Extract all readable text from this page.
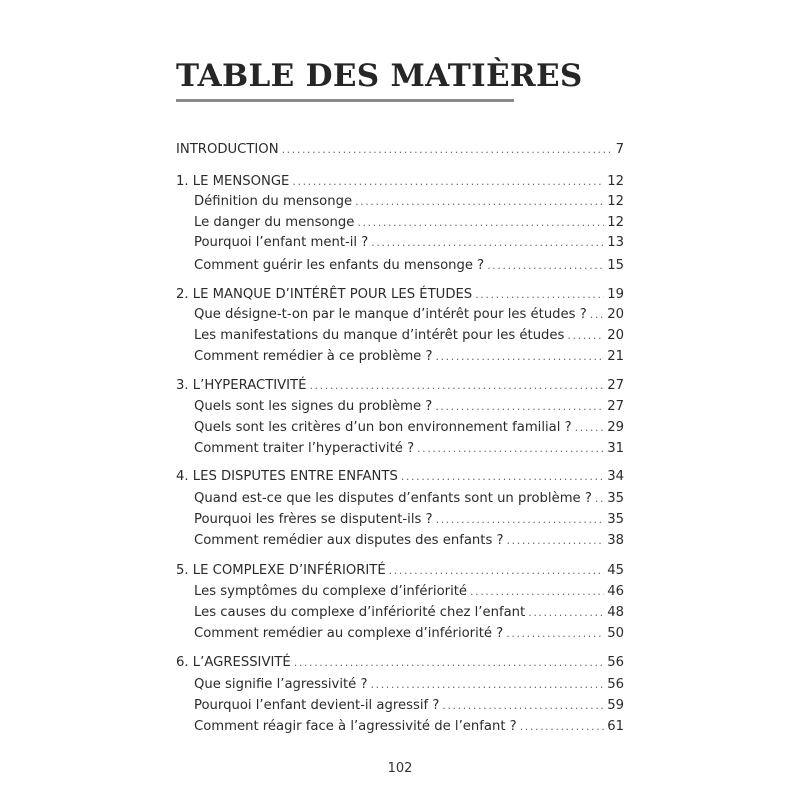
TABLE DES MATIÈRES
INTRODUCTION .....	7
1. LE MENSONGE .....	12
Définition du mensonge .....	12
Le danger du mensonge .....	12
Pourquoi l’enfant ment-il ? .....	13
Comment guérir les enfants du mensonge ? .....	15
2. LE MANQUE D’INTÉRÊT POUR LES ÉTUDES .....	19
Que désigne-t-on par le manque d’intérêt pour les études ? ..... 20
Les manifestations du manque d’intérêt pour les études .....	20
Comment remédier à ce problème ? .....	21
3. L’HYPERACTIVITÉ .....	27
Quels sont les signes du problème ? .....	27
Quels sont les critères d’un bon environnement familial ? .....	29
Comment traiter l’hyperactivité ? .....	31
4. LES DISPUTES ENTRE ENFANTS .....	34
Quand est-ce que les disputes d’enfants sont un problème ? ..... 35
Pourquoi les frères se disputent-ils ? .....	35
Comment remédier aux disputes des enfants ? .....	38
5. LE COMPLEXE D’INFÉRIORITÉ .....	45
Les symptômes du complexe d’infériorité .....	46
Les causes du complexe d’infériorité chez l’enfant .....	48
Comment remédier au complexe d’infériorité ? .....	50
6. L’AGRESSIVITÉ .....	56
Que signifie l’agressivité ? .....	56
Pourquoi l’enfant devient-il agressif ? .....	59
Comment réagir face à l’agressivité de l’enfant ? .....	61
102
